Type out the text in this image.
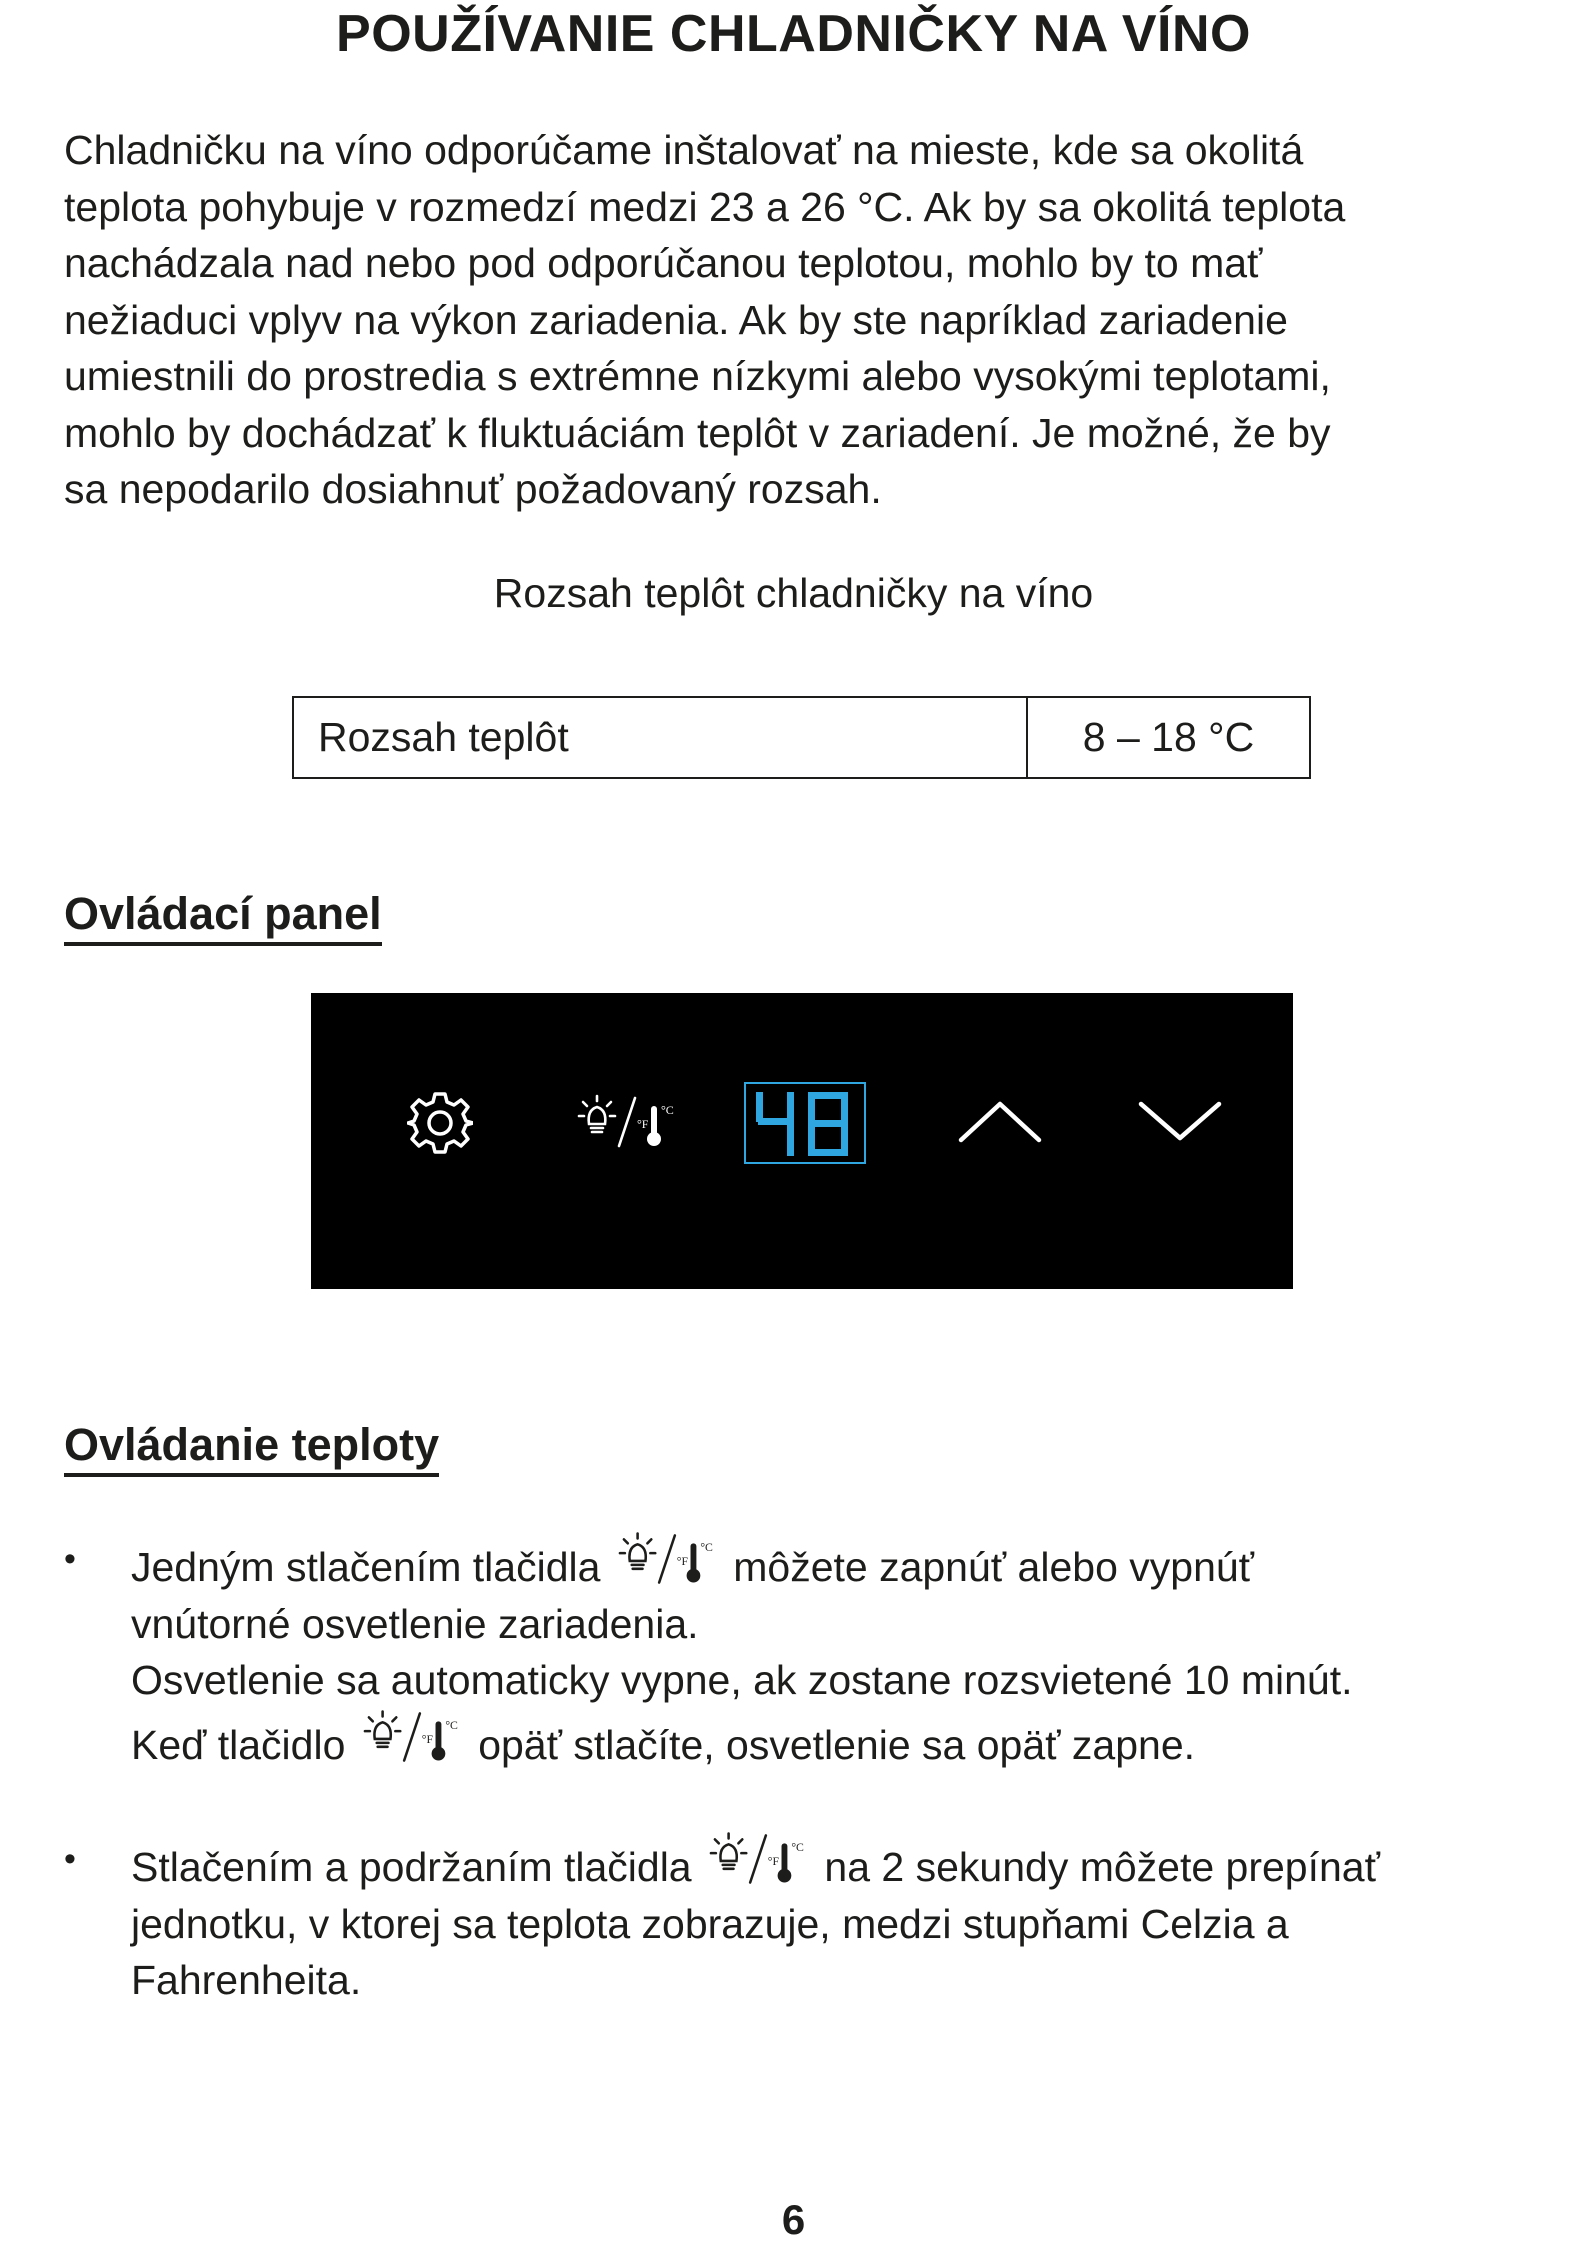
POUŽÍVANIE CHLADNIČKY NA VÍNO
Chladničku na víno odporúčame inštalovať na mieste, kde sa okolitá
teplota pohybuje v rozmedzí medzi 23 a 26 °C. Ak by sa okolitá teplota
nachádzala nad nebo pod odporúčanou teplotou, mohlo by to mať
nežiaduci vplyv na výkon zariadenia. Ak by ste napríklad zariadenie
umiestnili do prostredia s extrémne nízkymi alebo vysokými teplotami,
mohlo by dochádzať k fluktuáciám teplôt v zariadení. Je možné, že by
sa nepodarilo dosiahnuť požadovaný rozsah.

Rozsah teplôt chladničky na víno

Rozsah teplôt	8 – 18 °C
Ovládací panel
°F
°C
Ovládanie teploty
• Jedným stlačením tlačidla	môžete zapnúť alebo vypnúť
vnútorné osvetlenie zariadenia.
Osvetlenie sa automaticky vypne, ak zostane rozsvietené 10 minút.
Keď tlačidlo	opäť stlačíte, osvetlenie sa opäť zapne.
• Stlačením a podržaním tlačidla	na 2 sekundy môžete prepínať
jednotku, v ktorej sa teplota zobrazuje, medzi stupňami Celzia a
Fahrenheita.
6
